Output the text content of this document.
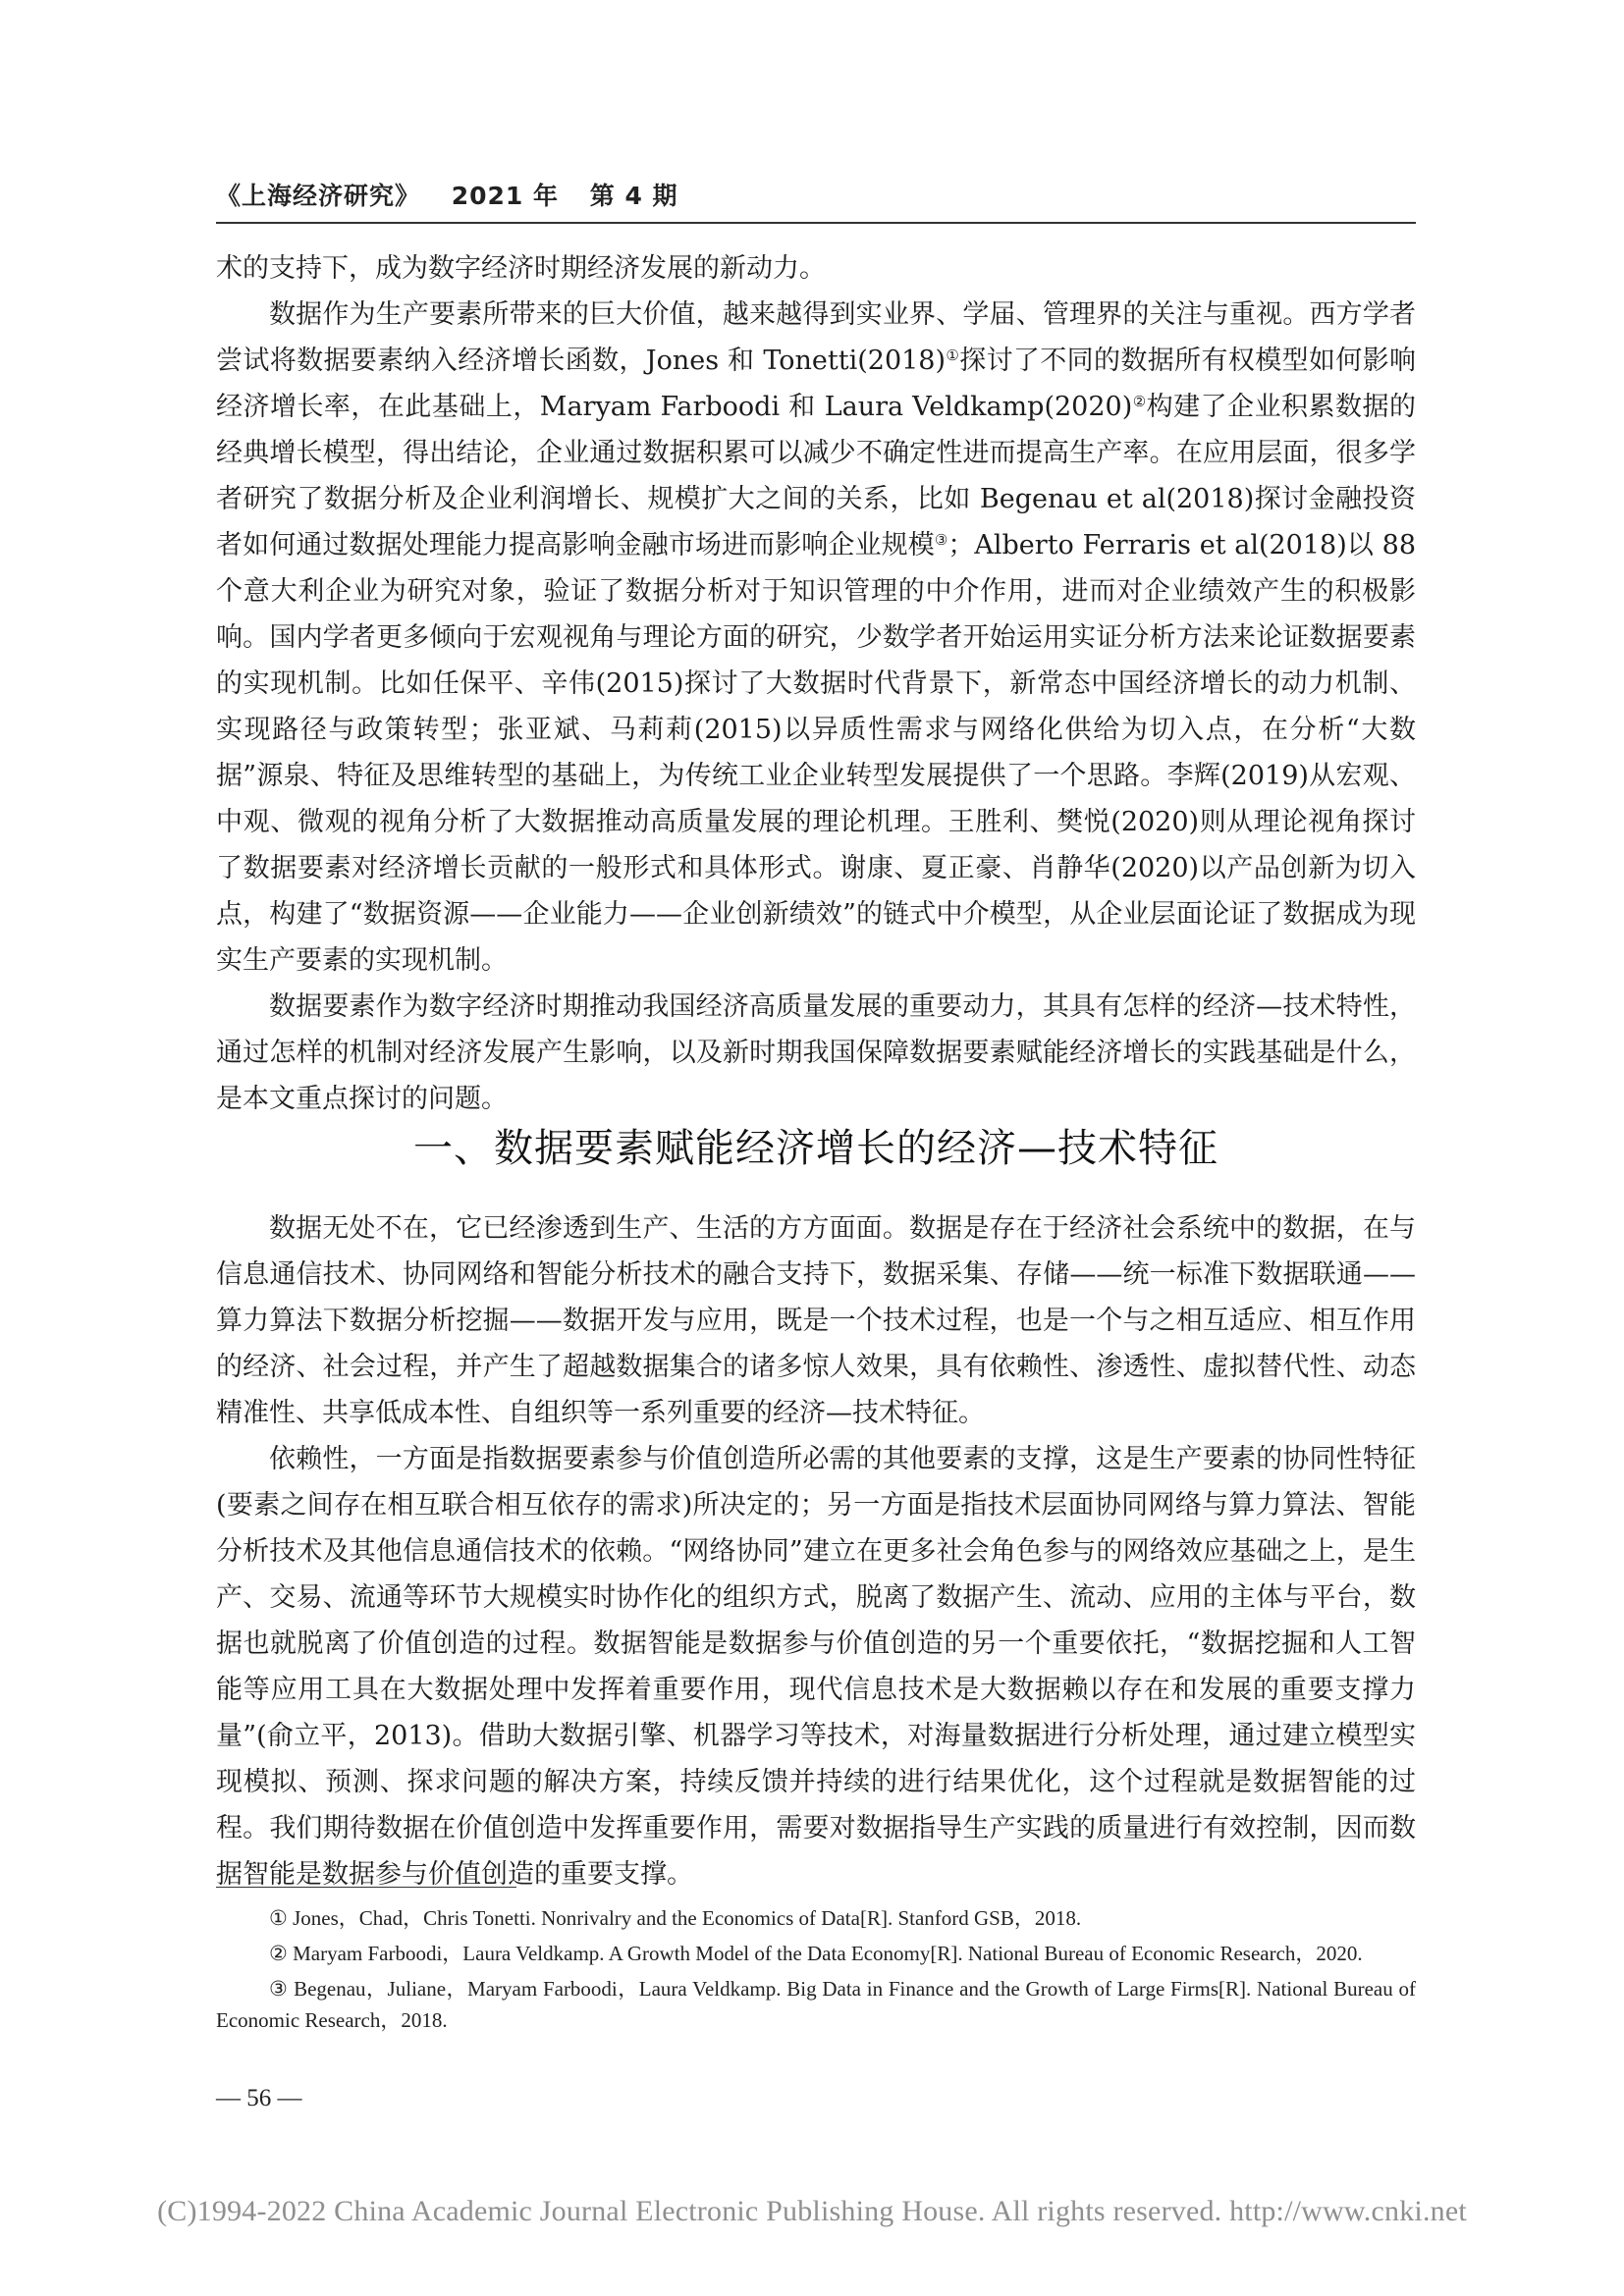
《上海经济研究》 2021 年 第 4 期

术的支持下，成为数字经济时期经济发展的新动力。

数据作为生产要素所带来的巨大价值，越来越得到实业界、学届、管理界的关注与重视。西方学者尝试将数据要素纳入经济增长函数，Jones 和 Tonetti(2018)①探讨了不同的数据所有权模型如何影响经济增长率，在此基础上，Maryam Farboodi 和 Laura Veldkamp(2020)②构建了企业积累数据的经典增长模型，得出结论，企业通过数据积累可以减少不确定性进而提高生产率。在应用层面，很多学者研究了数据分析及企业利润增长、规模扩大之间的关系，比如 Begenau et al(2018)探讨金融投资者如何通过数据处理能力提高影响金融市场进而影响企业规模③；Alberto Ferraris et al(2018)以 88 个意大利企业为研究对象，验证了数据分析对于知识管理的中介作用，进而对企业绩效产生的积极影响。国内学者更多倾向于宏观视角与理论方面的研究，少数学者开始运用实证分析方法来论证数据要素的实现机制。比如任保平、辛伟(2015)探讨了大数据时代背景下，新常态中国经济增长的动力机制、实现路径与政策转型；张亚斌、马莉莉(2015)以异质性需求与网络化供给为切入点，在分析“大数据”源泉、特征及思维转型的基础上，为传统工业企业转型发展提供了一个思路。李辉(2019)从宏观、中观、微观的视角分析了大数据推动高质量发展的理论机理。王胜利、樊悦(2020)则从理论视角探讨了数据要素对经济增长贡献的一般形式和具体形式。谢康、夏正豪、肖静华(2020)以产品创新为切入点，构建了“数据资源——企业能力——企业创新绩效”的链式中介模型，从企业层面论证了数据成为现实生产要素的实现机制。

数据要素作为数字经济时期推动我国经济高质量发展的重要动力，其具有怎样的经济—技术特性，通过怎样的机制对经济发展产生影响，以及新时期我国保障数据要素赋能经济增长的实践基础是什么，是本文重点探讨的问题。

一、数据要素赋能经济增长的经济—技术特征

数据无处不在，它已经渗透到生产、生活的方方面面。数据是存在于经济社会系统中的数据，在与信息通信技术、协同网络和智能分析技术的融合支持下，数据采集、存储——统一标准下数据联通——算力算法下数据分析挖掘——数据开发与应用，既是一个技术过程，也是一个与之相互适应、相互作用的经济、社会过程，并产生了超越数据集合的诸多惊人效果，具有依赖性、渗透性、虚拟替代性、动态精准性、共享低成本性、自组织等一系列重要的经济—技术特征。

依赖性，一方面是指数据要素参与价值创造所必需的其他要素的支撑，这是生产要素的协同性特征(要素之间存在相互联合相互依存的需求)所决定的；另一方面是指技术层面协同网络与算力算法、智能分析技术及其他信息通信技术的依赖。“网络协同”建立在更多社会角色参与的网络效应基础之上，是生产、交易、流通等环节大规模实时协作化的组织方式，脱离了数据产生、流动、应用的主体与平台，数据也就脱离了价值创造的过程。数据智能是数据参与价值创造的另一个重要依托，“数据挖掘和人工智能等应用工具在大数据处理中发挥着重要作用，现代信息技术是大数据赖以存在和发展的重要支撑力量”(俞立平，2013)。借助大数据引擎、机器学习等技术，对海量数据进行分析处理，通过建立模型实现模拟、预测、探求问题的解决方案，持续反馈并持续的进行结果优化，这个过程就是数据智能的过程。我们期待数据在价值创造中发挥重要作用，需要对数据指导生产实践的质量进行有效控制，因而数据智能是数据参与价值创造的重要支撑。

① Jones，Chad，Chris Tonetti. Nonrivalry and the Economics of Data[R]. Stanford GSB，2018.

② Maryam Farboodi，Laura Veldkamp. A Growth Model of the Data Economy[R]. National Bureau of Economic Research，2020.

③ Begenau，Juliane，Maryam Farboodi，Laura Veldkamp. Big Data in Finance and the Growth of Large Firms[R]. National Bureau of Economic Research，2018.

— 56 —
(C)1994-2022 China Academic Journal Electronic Publishing House. All rights reserved. http://www.cnki.net
